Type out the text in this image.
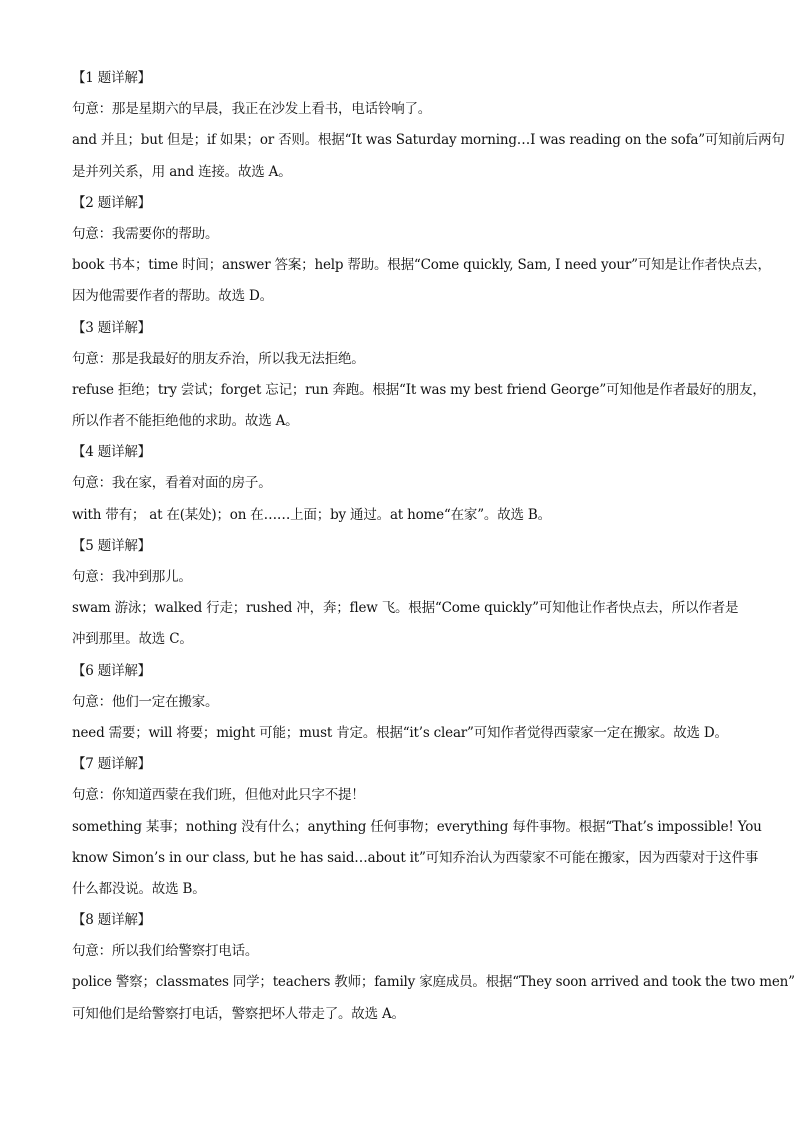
【1 题详解】
句意：那是星期六的早晨，我正在沙发上看书，电话铃响了。
and 并且；but 但是；if 如果；or 否则。根据“It was Saturday morning…I was reading on the sofa”可知前后两句
是并列关系，用 and 连接。故选 A。
【2 题详解】
句意：我需要你的帮助。
book 书本；time 时间；answer 答案；help 帮助。根据“Come quickly, Sam, I need your”可知是让作者快点去，
因为他需要作者的帮助。故选 D。
【3 题详解】
句意：那是我最好的朋友乔治，所以我无法拒绝。
refuse 拒绝；try 尝试；forget 忘记；run 奔跑。根据“It was my best friend George”可知他是作者最好的朋友，
所以作者不能拒绝他的求助。故选 A。
【4 题详解】
句意：我在家，看着对面的房子。
with 带有； at 在(某处)；on 在……上面；by 通过。at home“在家”。故选 B。
【5 题详解】
句意：我冲到那儿。
swam 游泳；walked 行走；rushed 冲，奔；flew 飞。根据“Come quickly”可知他让作者快点去，所以作者是
冲到那里。故选 C。
【6 题详解】
句意：他们一定在搬家。
need 需要；will 将要；might 可能；must 肯定。根据“it’s clear”可知作者觉得西蒙家一定在搬家。故选 D。
【7 题详解】
句意：你知道西蒙在我们班，但他对此只字不提！
something 某事；nothing 没有什么；anything 任何事物；everything 每件事物。根据“That’s impossible! You
know Simon’s in our class, but he has said…about it”可知乔治认为西蒙家不可能在搬家，因为西蒙对于这件事
什么都没说。故选 B。
【8 题详解】
句意：所以我们给警察打电话。
police 警察；classmates 同学；teachers 教师；family 家庭成员。根据“They soon arrived and took the two men”
可知他们是给警察打电话，警察把坏人带走了。故选 A。
